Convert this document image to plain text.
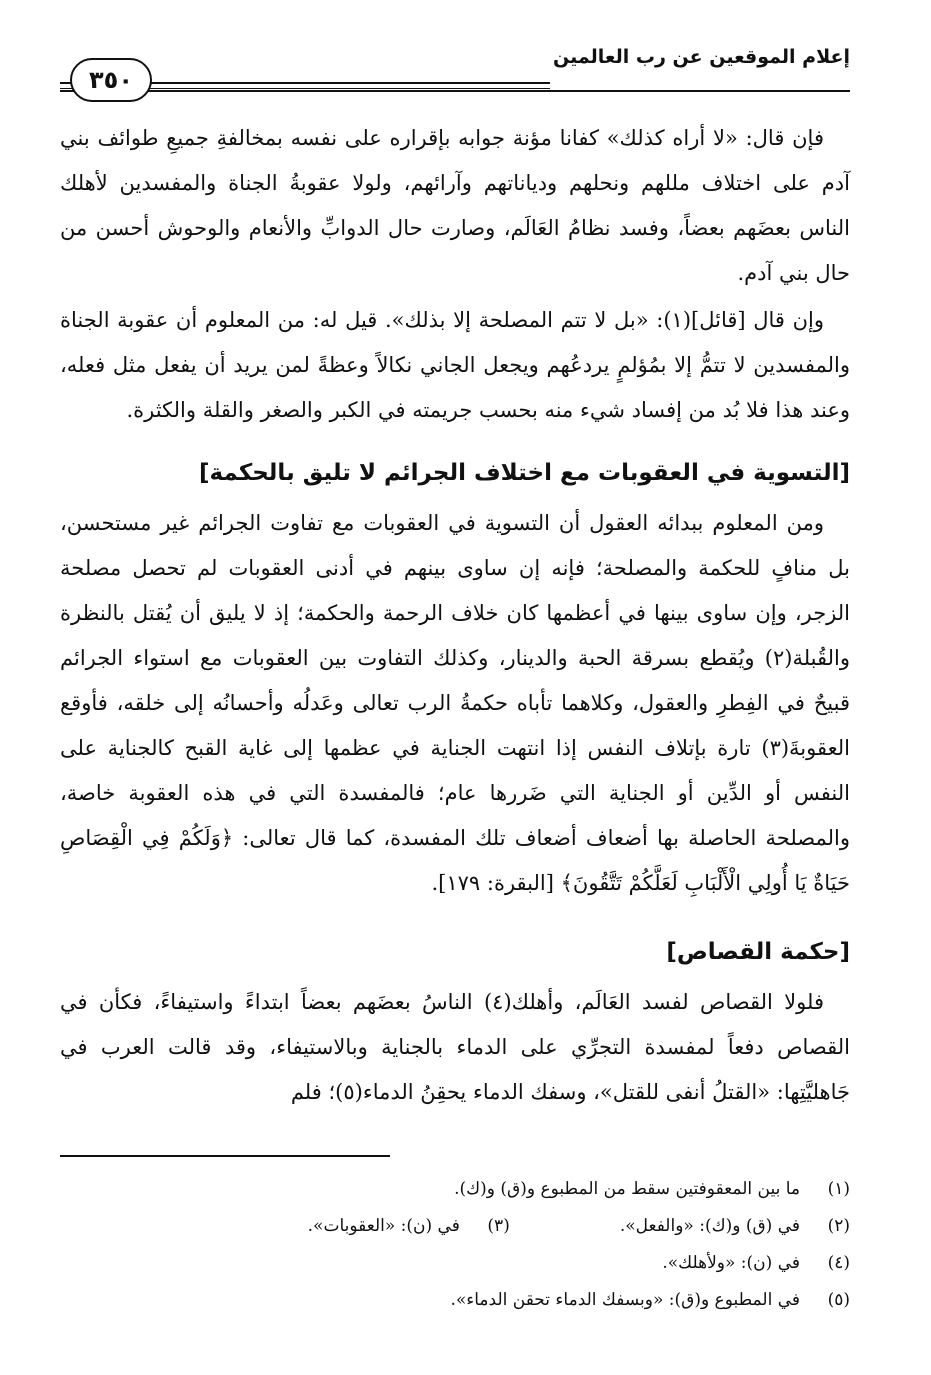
إعلام الموقعين عن رب العالمين
٣٥٠

فإن قال: «لا أراه كذلك» كفانا مؤنة جوابه بإقراره على نفسه بمخالفةِ جميعِ طوائف بني آدم على اختلاف مللهم ونحلهم ودياناتهم وآرائهم، ولولا عقوبةُ الجناة والمفسدين لأهلك الناس بعضَهم بعضاً، وفسد نظامُ العَالَم، وصارت حال الدوابِّ والأنعام والوحوش أحسن من حال بني آدم.

وإن قال [قائل](١): «بل لا تتم المصلحة إلا بذلك». قيل له: من المعلوم أن عقوبة الجناة والمفسدين لا تتمُّ إلا بمُؤلمٍ يردعُهم ويجعل الجاني نكالاً وعظةً لمن يريد أن يفعل مثل فعله، وعند هذا فلا بُد من إفساد شيء منه بحسب جريمته في الكبر والصغر والقلة والكثرة.

[التسوية في العقوبات مع اختلاف الجرائم لا تليق بالحكمة]

ومن المعلوم ببدائه العقول أن التسوية في العقوبات مع تفاوت الجرائم غير مستحسن، بل منافٍ للحكمة والمصلحة؛ فإنه إن ساوى بينهم في أدنى العقوبات لم تحصل مصلحة الزجر، وإن ساوى بينها في أعظمها كان خلاف الرحمة والحكمة؛ إذ لا يليق أن يُقتل بالنظرة والقُبلة(٢) ويُقطع بسرقة الحبة والدينار، وكذلك التفاوت بين العقوبات مع استواء الجرائم قبيحٌ في الفِطرِ والعقول، وكلاهما تأباه حكمةُ الرب تعالى وعَدلُه وأحسانُه إلى خلقه، فأوقع العقوبةَ(٣) تارة بإتلاف النفس إذا انتهت الجناية في عظمها إلى غاية القبح كالجناية على النفس أو الدِّين أو الجناية التي ضَررها عام؛ فالمفسدة التي في هذه العقوبة خاصة، والمصلحة الحاصلة بها أضعاف أضعاف تلك المفسدة، كما قال تعالى: ﴿وَلَكُمْ فِي الْقِصَاصِ حَيَاةٌ يَا أُولِي الْأَلْبَابِ لَعَلَّكُمْ تَتَّقُونَ﴾ [البقرة: ١٧٩].

[حكمة القصاص]

فلولا القصاص لفسد العَالَم، وأهلك(٤) الناسُ بعضَهم بعضاً ابتداءً واستيفاءً، فكأن في القصاص دفعاً لمفسدة التجرِّي على الدماء بالجناية وبالاستيفاء، وقد قالت العرب في جَاهليَّتِها: «القتلُ أنفى للقتل»، وسفك الدماء يحقِنُ الدماء(٥)؛ فلم

(١)
ما بين المعقوفتين سقط من المطبوع و(ق) و(ك).
(٢)
في (ق) و(ك): «والفعل».
(٣)
في (ن): «العقوبات».
(٤)
في (ن): «ولأهلك».
(٥)
في المطبوع و(ق): «وبسفك الدماء تحقن الدماء».
